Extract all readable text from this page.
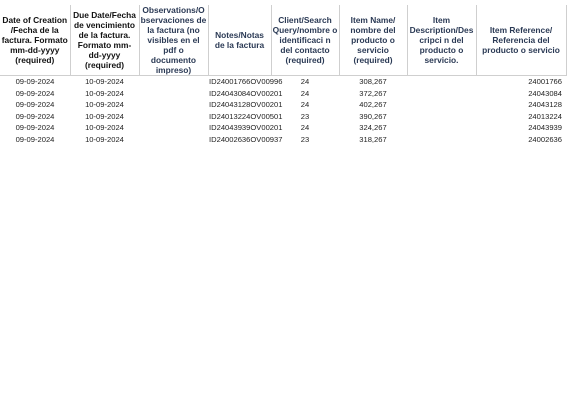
Date of Creation /Fecha de la factura. Formato mm-dd-yyyy (required)	Due Date/Fecha de vencimiento de la factura. Formato mm-dd-yyyy (required)	Observations/Observaciones de la factura (no visibles en el pdf o documento impreso)	Notes/Notas de la factura	Client/Search Query/nombre o identificaci n del contacto (required)	Item Name/ nombre del producto o servicio (required)	Item Description/Descripci n del producto o servicio.	Item Reference/ Referencia del producto o servicio
09-09-2024	10-09-2024		ID24001766OV00996	24	308,267		24001766
09-09-2024	10-09-2024		ID24043084OV00201	24	372,267		24043084
09-09-2024	10-09-2024		ID24043128OV00201	24	402,267		24043128
09-09-2024	10-09-2024		ID24013224OV00501	23	390,267		24013224
09-09-2024	10-09-2024		ID24043939OV00201	24	324,267		24043939
09-09-2024	10-09-2024		ID24002636OV00937	23	318,267		24002636
